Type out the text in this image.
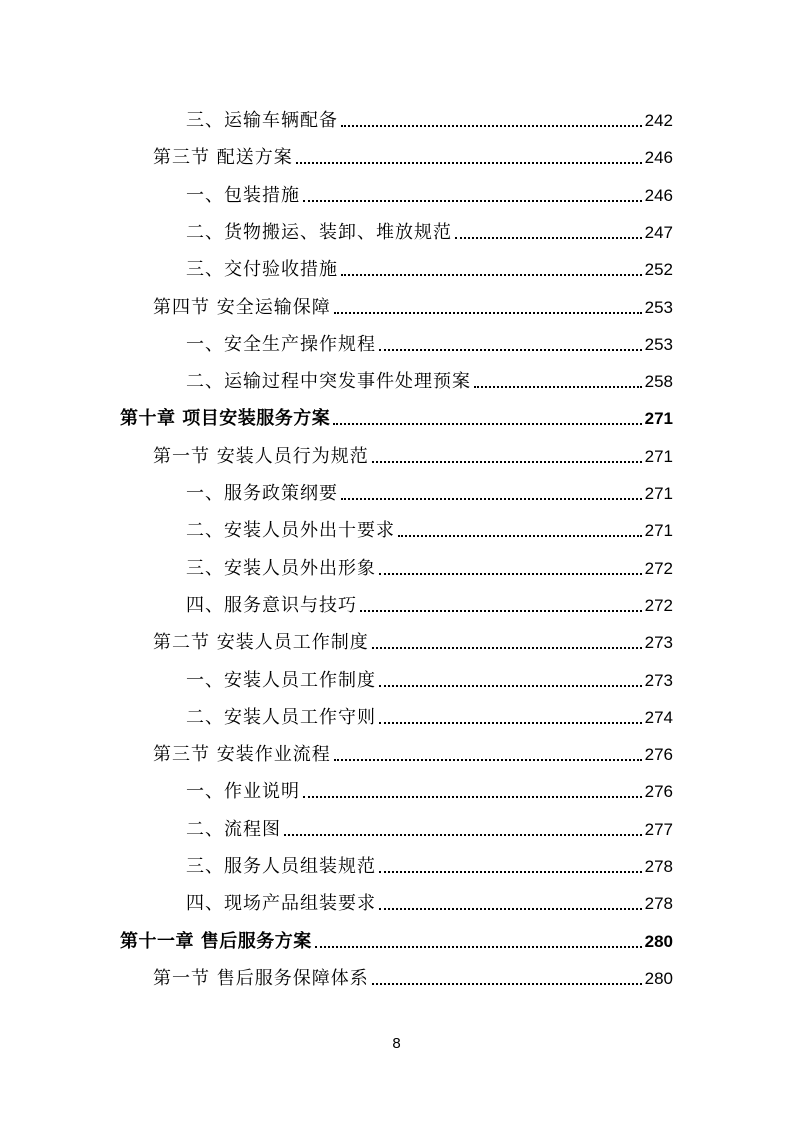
三、运输车辆配备	242
第三节 配送方案	246
一、包装措施	246
二、货物搬运、装卸、堆放规范	247
三、交付验收措施	252
第四节 安全运输保障	253
一、安全生产操作规程	253
二、运输过程中突发事件处理预案	258
第十章 项目安装服务方案	271
第一节 安装人员行为规范	271
一、服务政策纲要	271
二、安装人员外出十要求	271
三、安装人员外出形象	272
四、服务意识与技巧	272
第二节 安装人员工作制度	273
一、安装人员工作制度	273
二、安装人员工作守则	274
第三节 安装作业流程	276
一、作业说明	276
二、流程图	277
三、服务人员组装规范	278
四、现场产品组装要求	278
第十一章 售后服务方案	280
第一节 售后服务保障体系	280
8
